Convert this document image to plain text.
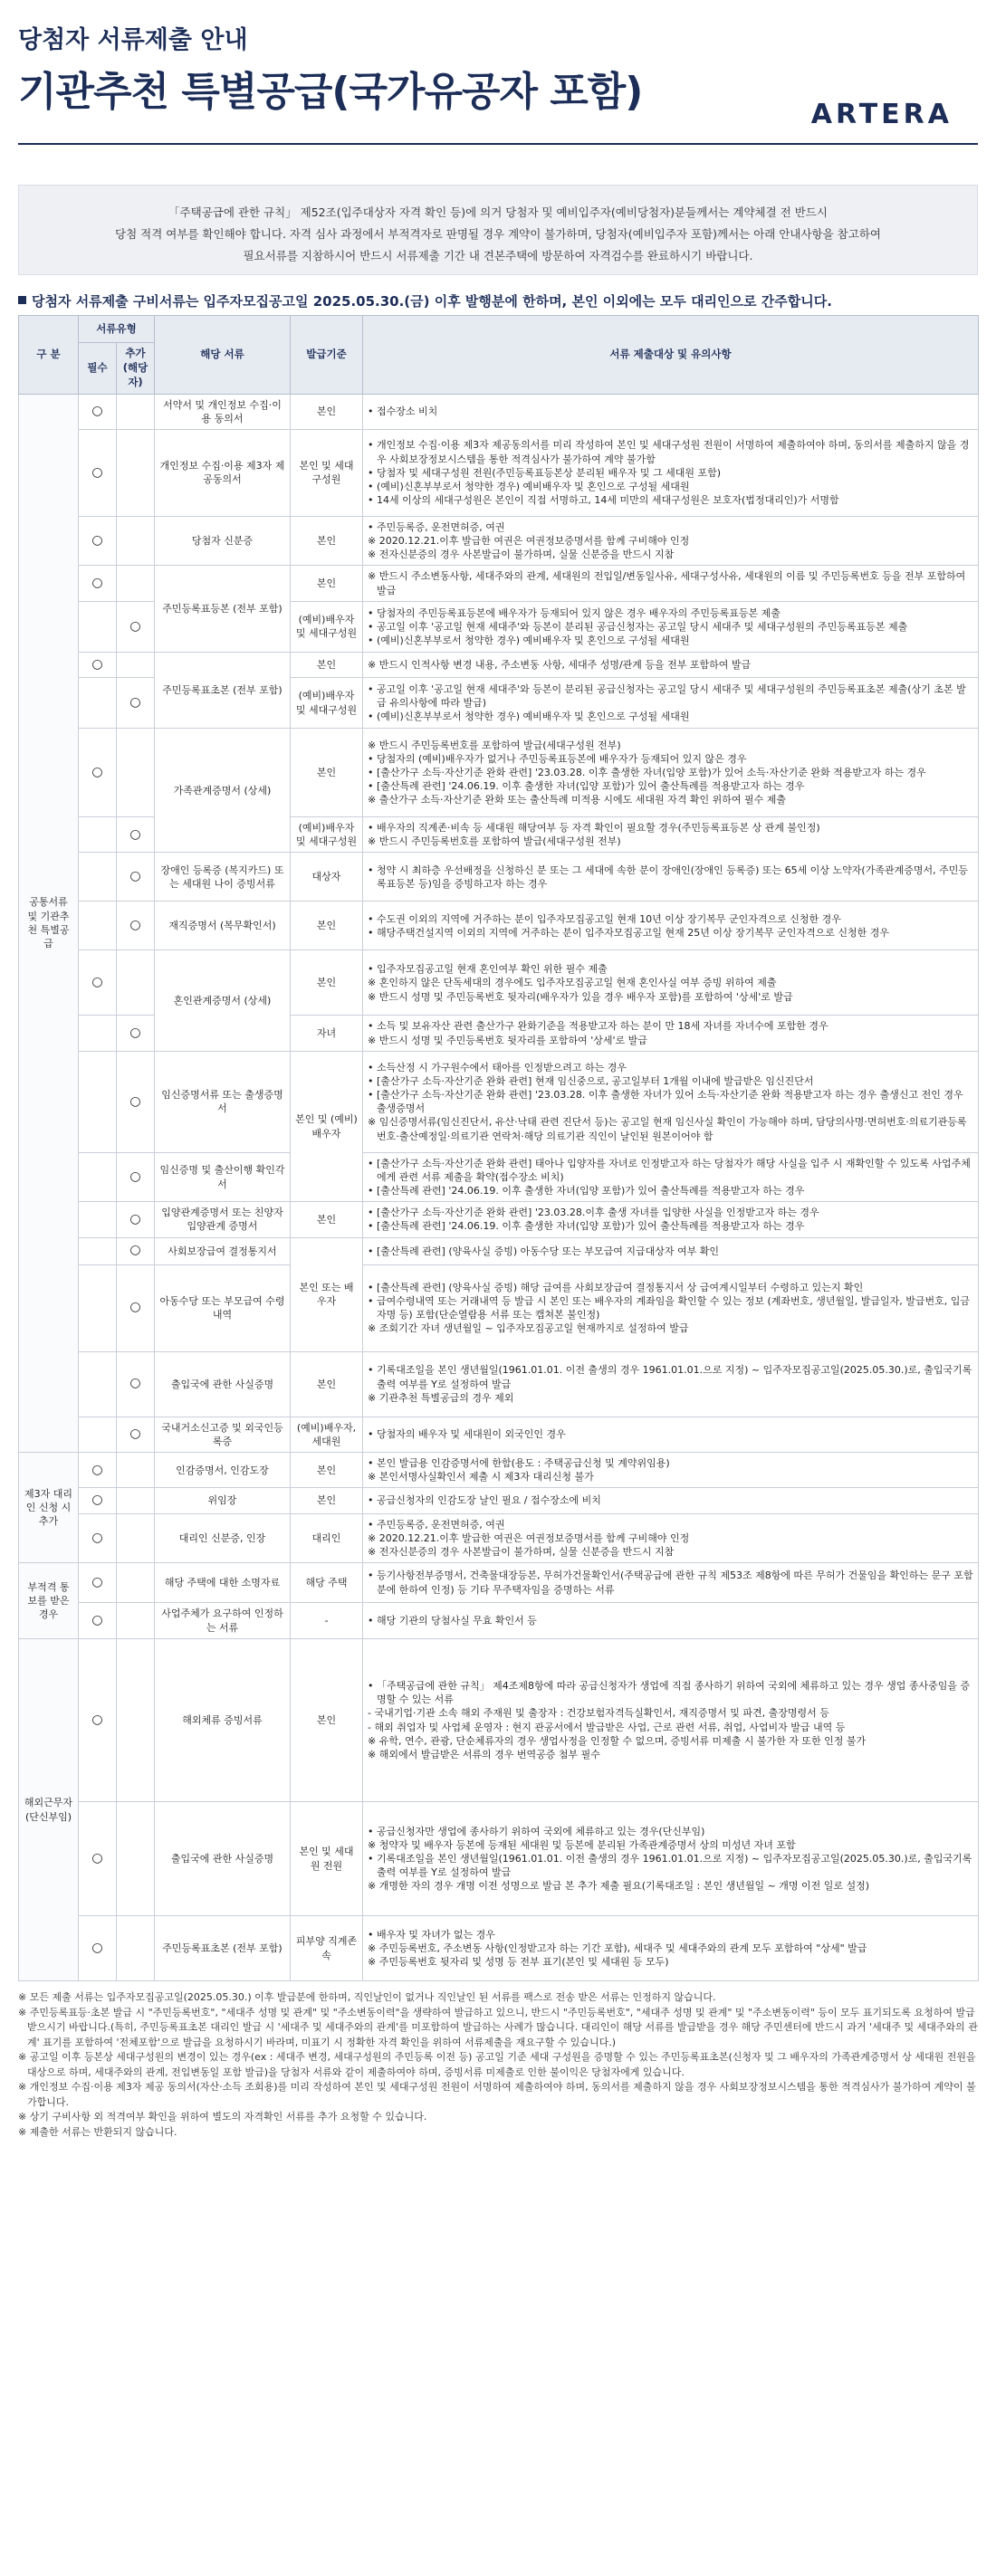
당첨자 서류제출 안내
기관추천 특별공급(국가유공자 포함)	ARTERA
「주택공급에 관한 규칙」 제52조(입주대상자 자격 확인 등)에 의거 당첨자 및 예비입주자(예비당첨자)분들께서는 계약체결 전 반드시
당첨 적격 여부를 확인해야 합니다. 자격 심사 과정에서 부적격자로 판명될 경우 계약이 불가하며, 당첨자(예비입주자 포함)께서는 아래 안내사항을 참고하여
필요서류를 지참하시어 반드시 서류제출 기간 내 견본주택에 방문하여 자격검수를 완료하시기 바랍니다.
당첨자 서류제출 구비서류는 입주자모집공고일 2025.05.30.(금) 이후 발행분에 한하며, 본인 이외에는 모두 대리인으로 간주합니다.
구 분	서류유형		해당 서류	발급기준	서류 제출대상 및 유의사항
	필수	추가(해당자)			
공통서류 및 기관추천 특별공급	○		서약서 및 개인정보 수집·이용 동의서	본인	• 접수장소 비치

	○		개인정보 수집·이용 제3자 제공동의서	본인 및 세대구성원	• 개인정보 수집·이용 제3자 제공동의서를 미리 작성하여 본인 및 세대구성원 전원이 서명하여 제출하여야 하며, 동의서를 제출하지 않을 경우 사회보장정보시스템을 통한 적격심사가 불가하여 계약 불가함
• 당첨자 및 세대구성원 전원(주민등록표등본상 분리된 배우자 및 그 세대원 포함)
• (예비)신혼부부로서 청약한 경우) 예비배우자 및 혼인으로 구성될 세대원
• 14세 이상의 세대구성원은 본인이 직접 서명하고, 14세 미만의 세대구성원은 보호자(법정대리인)가 서명함

	○		당첨자 신분증	본인	• 주민등록증, 운전면허증, 여권
※ 2020.12.21.이후 발급한 여권은 여권정보증명서를 함께 구비해야 인정
※ 전자신분증의 경우 사본발급이 불가하며, 실물 신분증을 반드시 지참

	○		주민등록표등본 (전부 포함)	본인	※ 반드시 주소변동사항, 세대주와의 관계, 세대원의 전입일/변동일사유, 세대구성사유, 세대원의 이름 및 주민등록번호 등을 전부 포함하여 발급

		○		(예비)배우자 및 세대구성원	• 당첨자의 주민등록표등본에 배우자가 등재되어 있지 않은 경우 배우자의 주민등록표등본 제출
• 공고일 이후 '공고일 현재 세대주'와 등본이 분리된 공급신청자는 공고일 당시 세대주 및 세대구성원의 주민등록표등본 제출
• (예비)신혼부부로서 청약한 경우) 예비배우자 및 혼인으로 구성될 세대원

	○		주민등록표초본 (전부 포함)	본인	※ 반드시 인적사항 변경 내용, 주소변동 사항, 세대주 성명/관계 등을 전부 포함하여 발급

		○		(예비)배우자 및 세대구성원	• 공고일 이후 '공고일 현재 세대주'와 등본이 분리된 공급신청자는 공고일 당시 세대주 및 세대구성원의 주민등록표초본 제출(상기 초본 발급 유의사항에 따라 발급)
• (예비)신혼부부로서 청약한 경우) 예비배우자 및 혼인으로 구성될 세대원

	○		가족관계증명서 (상세)	본인	※ 반드시 주민등록번호를 포함하여 발급(세대구성원 전부)
• 당첨자의 (예비)배우자가 없거나 주민등록표등본에 배우자가 등재되어 있지 않은 경우
• [출산가구 소득·자산기준 완화 관련] '23.03.28. 이후 출생한 자녀(입양 포함)가 있어 소득·자산기준 완화 적용받고자 하는 경우
• [출산특례 관련] '24.06.19. 이후 출생한 자녀(입양 포함)가 있어 출산특례를 적용받고자 하는 경우
※ 출산가구 소득·자산기준 완화 또는 출산특례 미적용 시에도 세대원 자격 확인 위하여 필수 제출

		○		(예비)배우자 및 세대구성원	• 배우자의 직계존·비속 등 세대원 해당여부 등 자격 확인이 필요할 경우(주민등록표등본 상 관계 불인정)
※ 반드시 주민등록번호를 포함하여 발급(세대구성원 전부)

		○	장애인 등록증 (복지카드) 또는 세대원 나이 증빙서류	대상자	• 청약 시 최하층 우선배정을 신청하신 분 또는 그 세대에 속한 분이 장애인(장애인 등록증) 또는 65세 이상 노약자(가족관계증명서, 주민등록표등본 등)임을 증빙하고자 하는 경우

		○	재직증명서 (복무확인서)	본인	• 수도권 이외의 지역에 거주하는 분이 입주자모집공고일 현재 10년 이상 장기복무 군인자격으로 신청한 경우
• 해당주택건설지역 이외의 지역에 거주하는 분이 입주자모집공고일 현재 25년 이상 장기복무 군인자격으로 신청한 경우

	○		혼인관계증명서 (상세)	본인	• 입주자모집공고일 현재 혼인여부 확인 위한 필수 제출
※ 혼인하지 않은 단독세대의 경우에도 입주자모집공고일 현재 혼인사실 여부 증빙 위하여 제출
※ 반드시 성명 및 주민등록번호 뒷자리(배우자가 있을 경우 배우자 포함)를 포함하여 '상세'로 발급

		○		자녀	• 소득 및 보유자산 관련 출산가구 완화기준을 적용받고자 하는 분이 만 18세 자녀를 자녀수에 포함한 경우
※ 반드시 성명 및 주민등록번호 뒷자리를 포함하여 '상세'로 발급

		○	임신증명서류 또는 출생증명서	본인 및 (예비)배우자	• 소득산정 시 가구원수에서 태아를 인정받으려고 하는 경우
• [출산가구 소득·자산기준 완화 관련] 현재 임신중으로, 공고일부터 1개월 이내에 발급받은 임신진단서
• [출산가구 소득·자산기준 완화 관련] '23.03.28. 이후 출생한 자녀가 있어 소득·자산기준 완화 적용받고자 하는 경우 출생신고 전인 경우 출생증명서
※ 임신증명서류(임신진단서, 유산·낙태 관련 진단서 등)는 공고일 현재 임신사실 확인이 가능해야 하며, 담당의사명·면허번호·의료기관등록번호·출산예정일·의료기관 연락처·해당 의료기관 직인이 날인된 원본이어야 함

		○	임신증명 및 출산이행 확인각서		• [출산가구 소득·자산기준 완화 관련] 태아나 입양자를 자녀로 인정받고자 하는 당첨자가 해당 사실을 입주 시 재확인할 수 있도록 사업주체에게 관련 서류 제출을 확약(접수장소 비치)
• [출산특례 관련] '24.06.19. 이후 출생한 자녀(입양 포함)가 있어 출산특례를 적용받고자 하는 경우

		○	입양관계증명서 또는 친양자 입양관계 증명서	본인	• [출산가구 소득·자산기준 완화 관련] '23.03.28.이후 출생 자녀를 입양한 사실을 인정받고자 하는 경우
• [출산특례 관련] '24.06.19. 이후 출생한 자녀(입양 포함)가 있어 출산특례를 적용받고자 하는 경우

		○	사회보장급여 결정통지서	본인 또는 배우자	• [출산특례 관련] (양육사실 증빙) 아동수당 또는 부모급여 지급대상자 여부 확인

		○	아동수당 또는 부모급여 수령내역		• [출산특례 관련] (양육사실 증빙) 해당 급여를 사회보장급여 결정통지서 상 급여계시일부터 수령하고 있는지 확인
• 급여수령내역 또는 거래내역 등 발급 시 본인 또는 배우자의 계좌임을 확인할 수 있는 정보 (계좌번호, 생년월일, 발급일자, 발급번호, 입금자명 등) 포함(단순열람용 서류 또는 캡쳐본 불인정)
※ 조회기간 자녀 생년월일 ~ 입주자모집공고일 현재까지로 설정하여 발급

		○	출입국에 관한 사실증명	본인	• 기록대조일을 본인 생년월일(1961.01.01. 이전 출생의 경우 1961.01.01.으로 지정) ~ 입주자모집공고일(2025.05.30.)로, 출입국기록출력 여부를 Y로 설정하여 발급
※ 기관추천 특별공급의 경우 제외

		○	국내거소신고증 및 외국인등록증	(예비)배우자, 세대원	• 당첨자의 배우자 및 세대원이 외국인인 경우

제3자 대리인 신청 시 추가	○		인감증명서, 인감도장	본인	• 본인 발급용 인감증명서에 한함(용도 : 주택공급신청 및 계약위임용)
※ 본인서명사실확인서 제출 시 제3자 대리신청 불가

	○		위임장	본인	• 공급신청자의 인감도장 날인 필요 / 접수장소에 비치

	○		대리인 신분증, 인장	대리인	• 주민등록증, 운전면허증, 여권
※ 2020.12.21.이후 발급한 여권은 여권정보증명서를 함께 구비해야 인정
※ 전자신분증의 경우 사본발급이 불가하며, 실물 신분증을 반드시 지참

부적격 통보를 받은 경우	○		해당 주택에 대한 소명자료	해당 주택	• 등기사항전부증명서, 건축물대장등본, 무허가건물확인서(주택공급에 관한 규칙 제53조 제8항에 따른 무허가 건물임을 확인하는 문구 포함분에 한하여 인정) 등 기타 무주택자임을 증명하는 서류

	○		사업주체가 요구하여 인정하는 서류	-	• 해당 기관의 당첨사실 무효 확인서 등

해외근무자 (단신부임)	○		해외체류 증빙서류	본인	• 「주택공급에 관한 규칙」 제4조제8항에 따라 공급신청자가 생업에 직접 종사하기 위하여 국외에 체류하고 있는 경우 생업 종사중임을 증명할 수 있는 서류
- 국내기업·기관 소속 해외 주재원 및 출장자 : 건강보험자격득실확인서, 재직증명서 및 파견, 출장명령서 등
- 해외 취업자 및 사업체 운영자 : 현지 관공서에서 발급받은 사업, 근로 관련 서류, 취업, 사업비자 발급 내역 등
※ 유학, 연수, 관광, 단순체류자의 경우 생업사정을 인정할 수 없으며, 증빙서류 미제출 시 불가한 자 또한 인정 불가
※ 해외에서 발급받은 서류의 경우 번역공증 첨부 필수

	○		출입국에 관한 사실증명	본인 및 세대원 전원	• 공급신청자만 생업에 종사하기 위하여 국외에 체류하고 있는 경우(단신부임)
※ 청약자 및 배우자 등본에 등재된 세대원 및 등본에 분리된 가족관계증명서 상의 미성년 자녀 포함
• 기록대조일을 본인 생년월일(1961.01.01. 이전 출생의 경우 1961.01.01.으로 지정) ~ 입주자모집공고일(2025.05.30.)로, 출입국기록출력 여부를 Y로 설정하여 발급
※ 개명한 자의 경우 개명 이전 성명으로 발급 본 추가 제출 필요(기록대조일 : 본인 생년월일 ~ 개명 이전 일로 설정)

	○		주민등록표초본 (전부 포함)	피부양 직계존속	• 배우자 및 자녀가 없는 경우
※ 주민등록번호, 주소변동 사항(인정받고자 하는 기간 포함), 세대주 및 세대주와의 관계 모두 포함하여 "상세" 발급
※ 주민등록번호 뒷자리 및 성명 등 전부 표기(본인 및 세대원 등 모두)
※ 모든 제출 서류는 입주자모집공고일(2025.05.30.) 이후 발급분에 한하며, 직인날인이 없거나 직인날인 된 서류를 팩스로 전송 받은 서류는 인정하지 않습니다.
※ 주민등록표등·초본 발급 시 "주민등록번호", "세대주 성명 및 관계" 및 "주소변동이력"을 생략하여 발급하고 있으니, 반드시 "주민등록번호", "세대주 성명 및 관계" 및 "주소변동이력" 등이 모두 표기되도록 요청하여 발급받으시기 바랍니다.(특히, 주민등록표초본 대리인 발급 시 '세대주 및 세대주와의 관계'를 미포함하여 발급하는 사례가 많습니다. 대리인이 해당 서류를 발급받을 경우 해당 주민센터에 반드시 과거 '세대주 및 세대주와의 관계' 표기를 포함하여 '전체포함'으로 발급을 요청하시기 바라며, 미표기 시 정확한 자격 확인을 위하여 서류제출을 재요구할 수 있습니다.)
※ 공고일 이후 등본상 세대구성원의 변경이 있는 경우(ex : 세대주 변경, 세대구성원의 주민등록 이전 등) 공고일 기준 세대 구성원을 증명할 수 있는 주민등록표초본(신청자 및 그 배우자의 가족관계증명서 상 세대원 전원을 대상으로 하며, 세대주와의 관계, 전입변동일 포함 발급)을 당첨자 서류와 같이 제출하여야 하며, 증빙서류 미제출로 인한 불이익은 당첨자에게 있습니다.
※ 개인정보 수집·이용 제3자 제공 동의서(자산·소득 조회용)를 미리 작성하여 본인 및 세대구성원 전원이 서명하여 제출하여야 하며, 동의서를 제출하지 않을 경우 사회보장정보시스템을 통한 적격심사가 불가하여 계약이 불가합니다.
※ 상기 구비사항 외 적격여부 확인을 위하여 별도의 자격확인 서류를 추가 요청할 수 있습니다.
※ 제출한 서류는 반환되지 않습니다.
